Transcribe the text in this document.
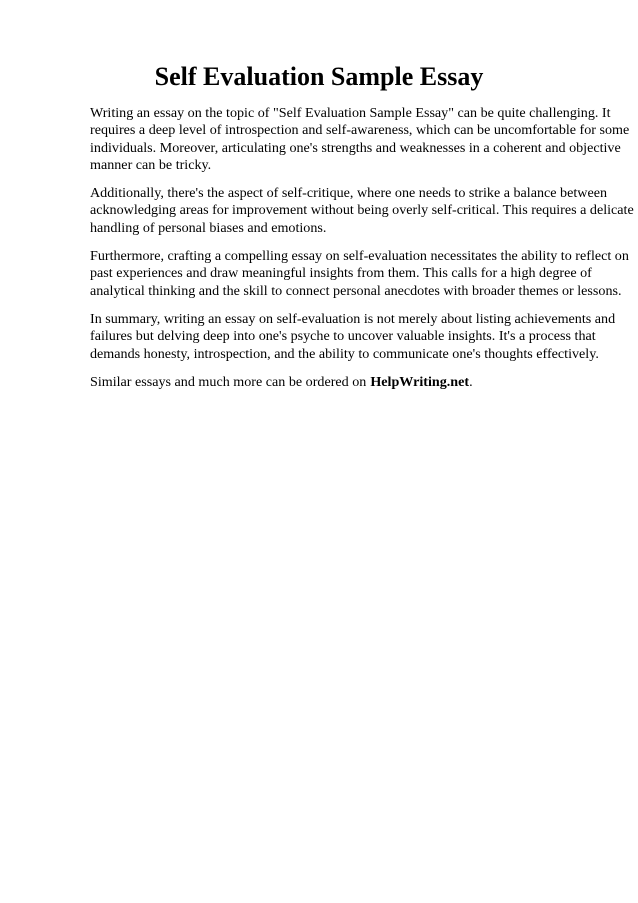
Self Evaluation Sample Essay

Writing an essay on the topic of "Self Evaluation Sample Essay" can be quite challenging. It
requires a deep level of introspection and self-awareness, which can be uncomfortable for some
individuals. Moreover, articulating one's strengths and weaknesses in a coherent and objective
manner can be tricky.

Additionally, there's the aspect of self-critique, where one needs to strike a balance between
acknowledging areas for improvement without being overly self-critical. This requires a delicate
handling of personal biases and emotions.

Furthermore, crafting a compelling essay on self-evaluation necessitates the ability to reflect on
past experiences and draw meaningful insights from them. This calls for a high degree of
analytical thinking and the skill to connect personal anecdotes with broader themes or lessons.

In summary, writing an essay on self-evaluation is not merely about listing achievements and
failures but delving deep into one's psyche to uncover valuable insights. It's a process that
demands honesty, introspection, and the ability to communicate one's thoughts effectively.

Similar essays and much more can be ordered on HelpWriting.net.
